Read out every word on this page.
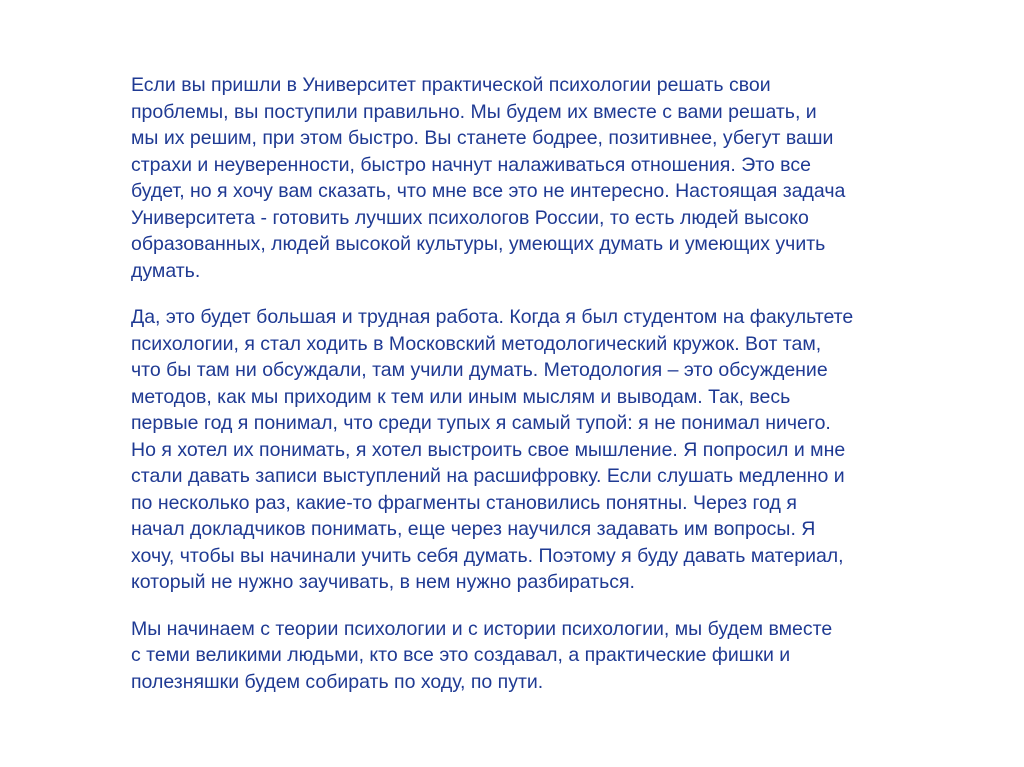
Если вы пришли в Университет практической психологии решать свои
проблемы, вы поступили правильно. Мы будем их вместе с вами решать, и
мы их решим, при этом быстро. Вы станете бодрее, позитивнее, убегут ваши
страхи и неуверенности, быстро начнут налаживаться отношения. Это все
будет, но я хочу вам сказать, что мне все это не интересно. Настоящая задача
Университета - готовить лучших психологов России, то есть людей высоко
образованных, людей высокой культуры, умеющих думать и умеющих учить
думать.

Да, это будет большая и трудная работа. Когда я был студентом на факультете
психологии, я стал ходить в Московский методологический кружок. Вот там,
что бы там ни обсуждали, там учили думать. Методология – это обсуждение
методов, как мы приходим к тем или иным мыслям и выводам. Так, весь
первые год я понимал, что среди тупых я самый тупой: я не понимал ничего.
Но я хотел их понимать, я хотел выстроить свое мышление. Я попросил и мне
стали давать записи выступлений на расшифровку. Если слушать медленно и
по несколько раз, какие-то фрагменты становились понятны. Через год я
начал докладчиков понимать, еще через научился задавать им вопросы. Я
хочу, чтобы вы начинали учить себя думать. Поэтому я буду давать материал,
который не нужно заучивать, в нем нужно разбираться.

Мы начинаем с теории психологии и с истории психологии, мы будем вместе
с теми великими людьми, кто все это создавал, а практические фишки и
полезняшки будем собирать по ходу, по пути.
